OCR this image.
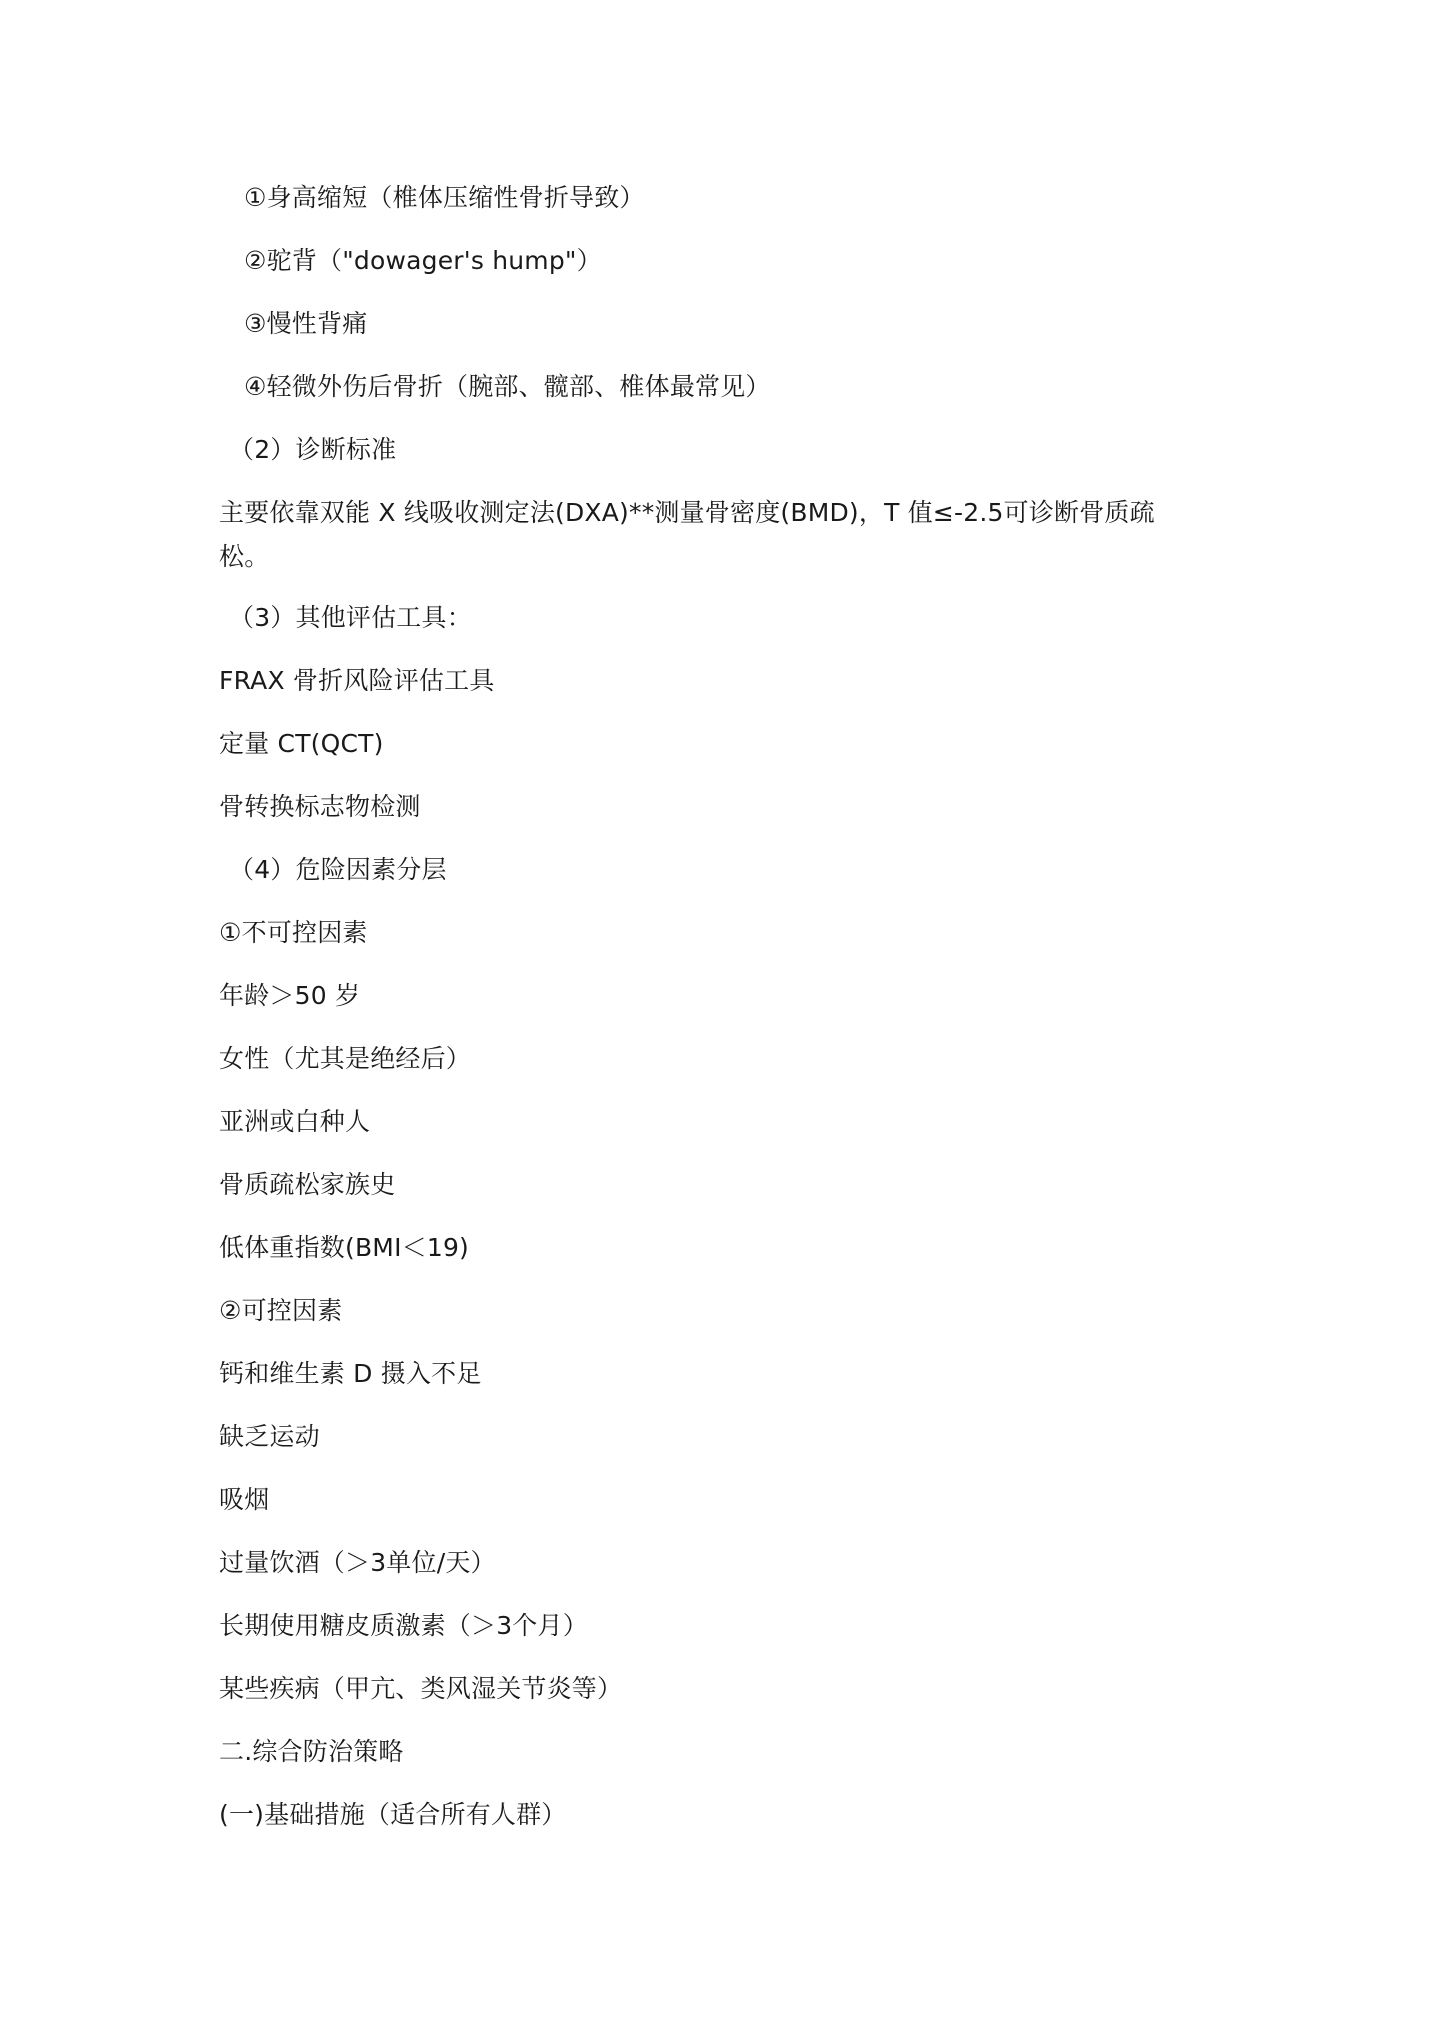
①身高缩短（椎体压缩性骨折导致）
②驼背（"dowager's hump"）
③慢性背痛
④轻微外伤后骨折（腕部、髋部、椎体最常见）
（2）诊断标准
主要依靠双能 X 线吸收测定法(DXA)**测量骨密度(BMD)，T 值≤-2.5可诊断骨质疏松。
（3）其他评估工具：
FRAX 骨折风险评估工具
定量 CT(QCT)
骨转换标志物检测
（4）危险因素分层
①不可控因素
年龄＞50 岁
女性（尤其是绝经后）
亚洲或白种人
骨质疏松家族史
低体重指数(BMI＜19)
②可控因素
钙和维生素 D 摄入不足
缺乏运动
吸烟
过量饮酒（＞3单位/天）
长期使用糖皮质激素（＞3个月）
某些疾病（甲亢、类风湿关节炎等）
二.综合防治策略
(一)基础措施（适合所有人群）
